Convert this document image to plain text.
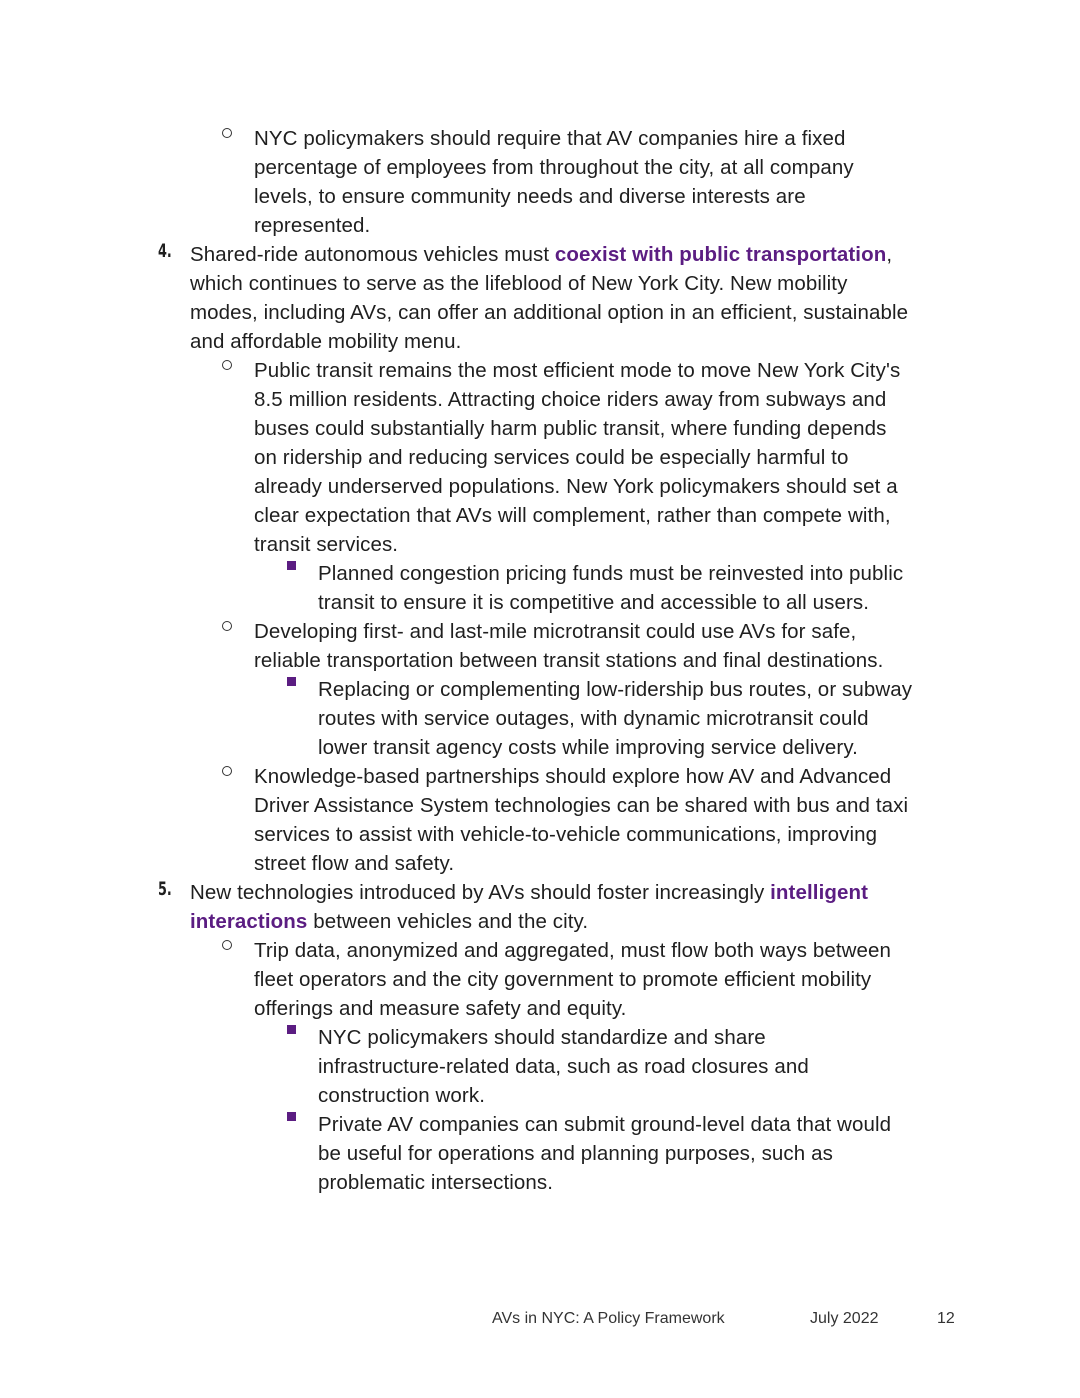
NYC policymakers should require that AV companies hire a fixed
percentage of employees from throughout the city, at all company
levels, to ensure community needs and diverse interests are
represented.
4. Shared-ride autonomous vehicles must coexist with public transportation,
which continues to serve as the lifeblood of New York City. New mobility
modes, including AVs, can offer an additional option in an efficient, sustainable
and affordable mobility menu.
Public transit remains the most efficient mode to move New York City's
8.5 million residents. Attracting choice riders away from subways and
buses could substantially harm public transit, where funding depends
on ridership and reducing services could be especially harmful to
already underserved populations. New York policymakers should set a
clear expectation that AVs will complement, rather than compete with,
transit services.
Planned congestion pricing funds must be reinvested into public
transit to ensure it is competitive and accessible to all users.
Developing first- and last-mile microtransit could use AVs for safe,
reliable transportation between transit stations and final destinations.
Replacing or complementing low-ridership bus routes, or subway
routes with service outages, with dynamic microtransit could
lower transit agency costs while improving service delivery.
Knowledge-based partnerships should explore how AV and Advanced
Driver Assistance System technologies can be shared with bus and taxi
services to assist with vehicle-to-vehicle communications, improving
street flow and safety.
5. New technologies introduced by AVs should foster increasingly intelligent
interactions between vehicles and the city.
Trip data, anonymized and aggregated, must flow both ways between
fleet operators and the city government to promote efficient mobility
offerings and measure safety and equity.
NYC policymakers should standardize and share
infrastructure-related data, such as road closures and
construction work.
Private AV companies can submit ground-level data that would
be useful for operations and planning purposes, such as
problematic intersections.
AVs in NYC: A Policy Framework	July 2022	12
